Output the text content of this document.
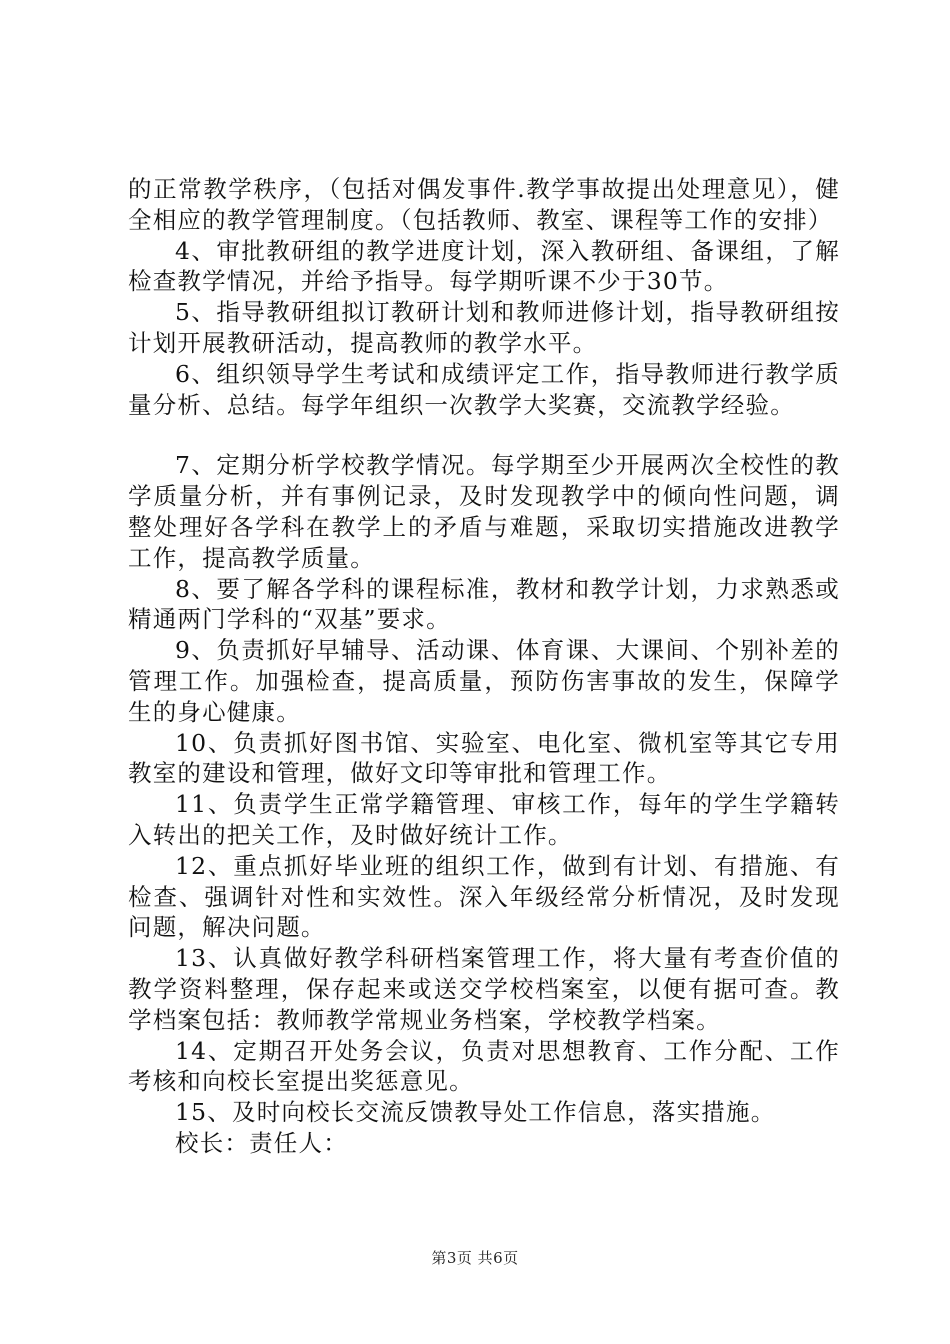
的正常教学秩序，（包括对偶发事件.教学事故提出处理意见），健全相应的教学管理制度。（包括教师、教室、课程等工作的安排）

4、审批教研组的教学进度计划，深入教研组、备课组，了解检查教学情况，并给予指导。每学期听课不少于30节。

5、指导教研组拟订教研计划和教师进修计划，指导教研组按计划开展教研活动，提高教师的教学水平。

6、组织领导学生考试和成绩评定工作，指导教师进行教学质量分析、总结。每学年组织一次教学大奖赛，交流教学经验。

7、定期分析学校教学情况。每学期至少开展两次全校性的教学质量分析，并有事例记录，及时发现教学中的倾向性问题，调整处理好各学科在教学上的矛盾与难题，采取切实措施改进教学工作，提高教学质量。

8、要了解各学科的课程标准，教材和教学计划，力求熟悉或精通两门学科的“双基”要求。

9、负责抓好早辅导、活动课、体育课、大课间、个别补差的管理工作。加强检查，提高质量，预防伤害事故的发生，保障学生的身心健康。

10、负责抓好图书馆、实验室、电化室、微机室等其它专用教室的建设和管理，做好文印等审批和管理工作。

11、负责学生正常学籍管理、审核工作，每年的学生学籍转入转出的把关工作，及时做好统计工作。

12、重点抓好毕业班的组织工作，做到有计划、有措施、有检查、强调针对性和实效性。深入年级经常分析情况，及时发现问题，解决问题。

13、认真做好教学科研档案管理工作，将大量有考查价值的教学资料整理，保存起来或送交学校档案室，以便有据可查。教学档案包括：教师教学常规业务档案，学校教学档案。

14、定期召开处务会议，负责对思想教育、工作分配、工作考核和向校长室提出奖惩意见。

15、及时向校长交流反馈教导处工作信息，落实措施。

校长：责任人：

第3页 共6页
